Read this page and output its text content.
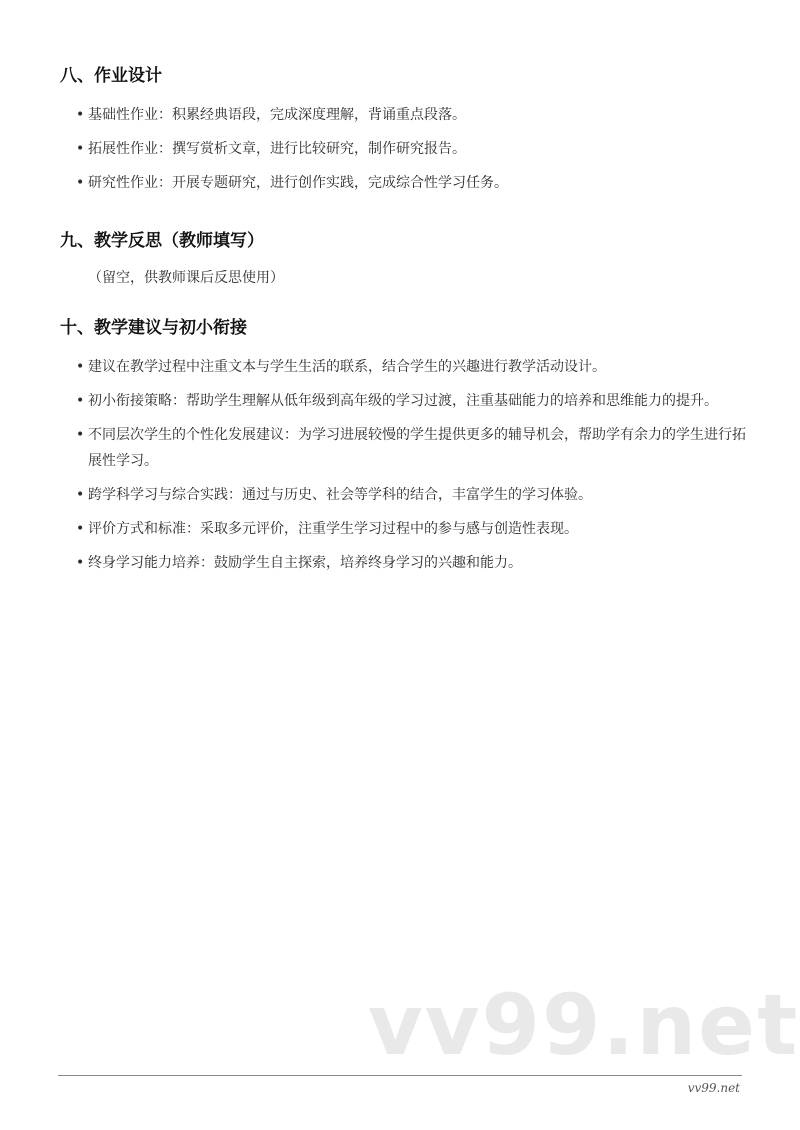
八、作业设计
• 基础性作业：积累经典语段，完成深度理解，背诵重点段落。
• 拓展性作业：撰写赏析文章，进行比较研究，制作研究报告。
• 研究性作业：开展专题研究，进行创作实践，完成综合性学习任务。
九、教学反思（教师填写）

（留空，供教师课后反思使用）

十、教学建议与初小衔接
• 建议在教学过程中注重文本与学生生活的联系，结合学生的兴趣进行教学活动设计。
• 初小衔接策略：帮助学生理解从低年级到高年级的学习过渡，注重基础能力的培养和思维能力的提升。
• 不同层次学生的个性化发展建议：为学习进展较慢的学生提供更多的辅导机会，帮助学有余力的学生进行拓展性学习。
• 跨学科学习与综合实践：通过与历史、社会等学科的结合，丰富学生的学习体验。
• 评价方式和标准：采取多元评价，注重学生学习过程中的参与感与创造性表现。
• 终身学习能力培养：鼓励学生自主探索，培养终身学习的兴趣和能力。
vv99.net
vv99.net
